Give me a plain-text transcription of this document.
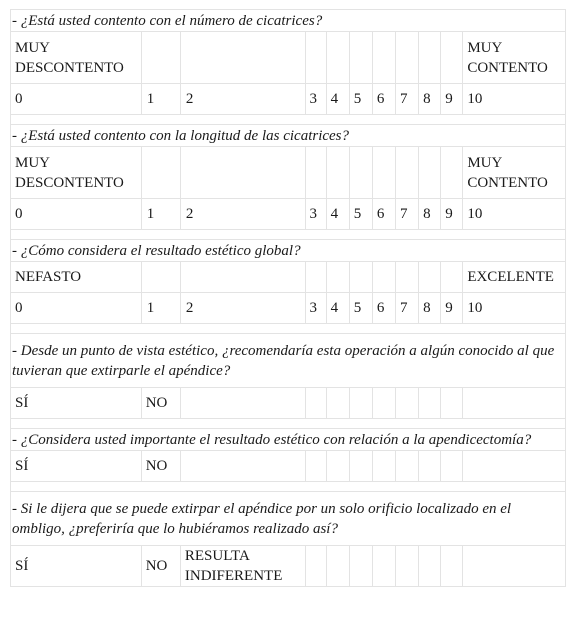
- ¿Está usted contento con el número de cicatrices?										
MUY DESCONTENTO										MUY CONTENTO
0	1	2	3	4	5	6	7	8	9	10

- ¿Está usted contento con la longitud de las cicatrices?										
MUY DESCONTENTO										MUY CONTENTO
0	1	2	3	4	5	6	7	8	9	10

- ¿Cómo considera el resultado estético global?										
NEFASTO										EXCELENTE
0	1	2	3	4	5	6	7	8	9	10

- Desde un punto de vista estético, ¿recomendaría esta operación a algún conocido al que tuvieran que extirparle el apéndice?										
SÍ	NO									

- ¿Considera usted importante el resultado estético con relación a la apendicectomía?										
SÍ	NO									

- Si le dijera que se puede extirpar el apéndice por un solo orificio localizado en el ombligo, ¿preferiría que lo hubiéramos realizado así?										
SÍ	NO	RESULTA INDIFERENTE								
